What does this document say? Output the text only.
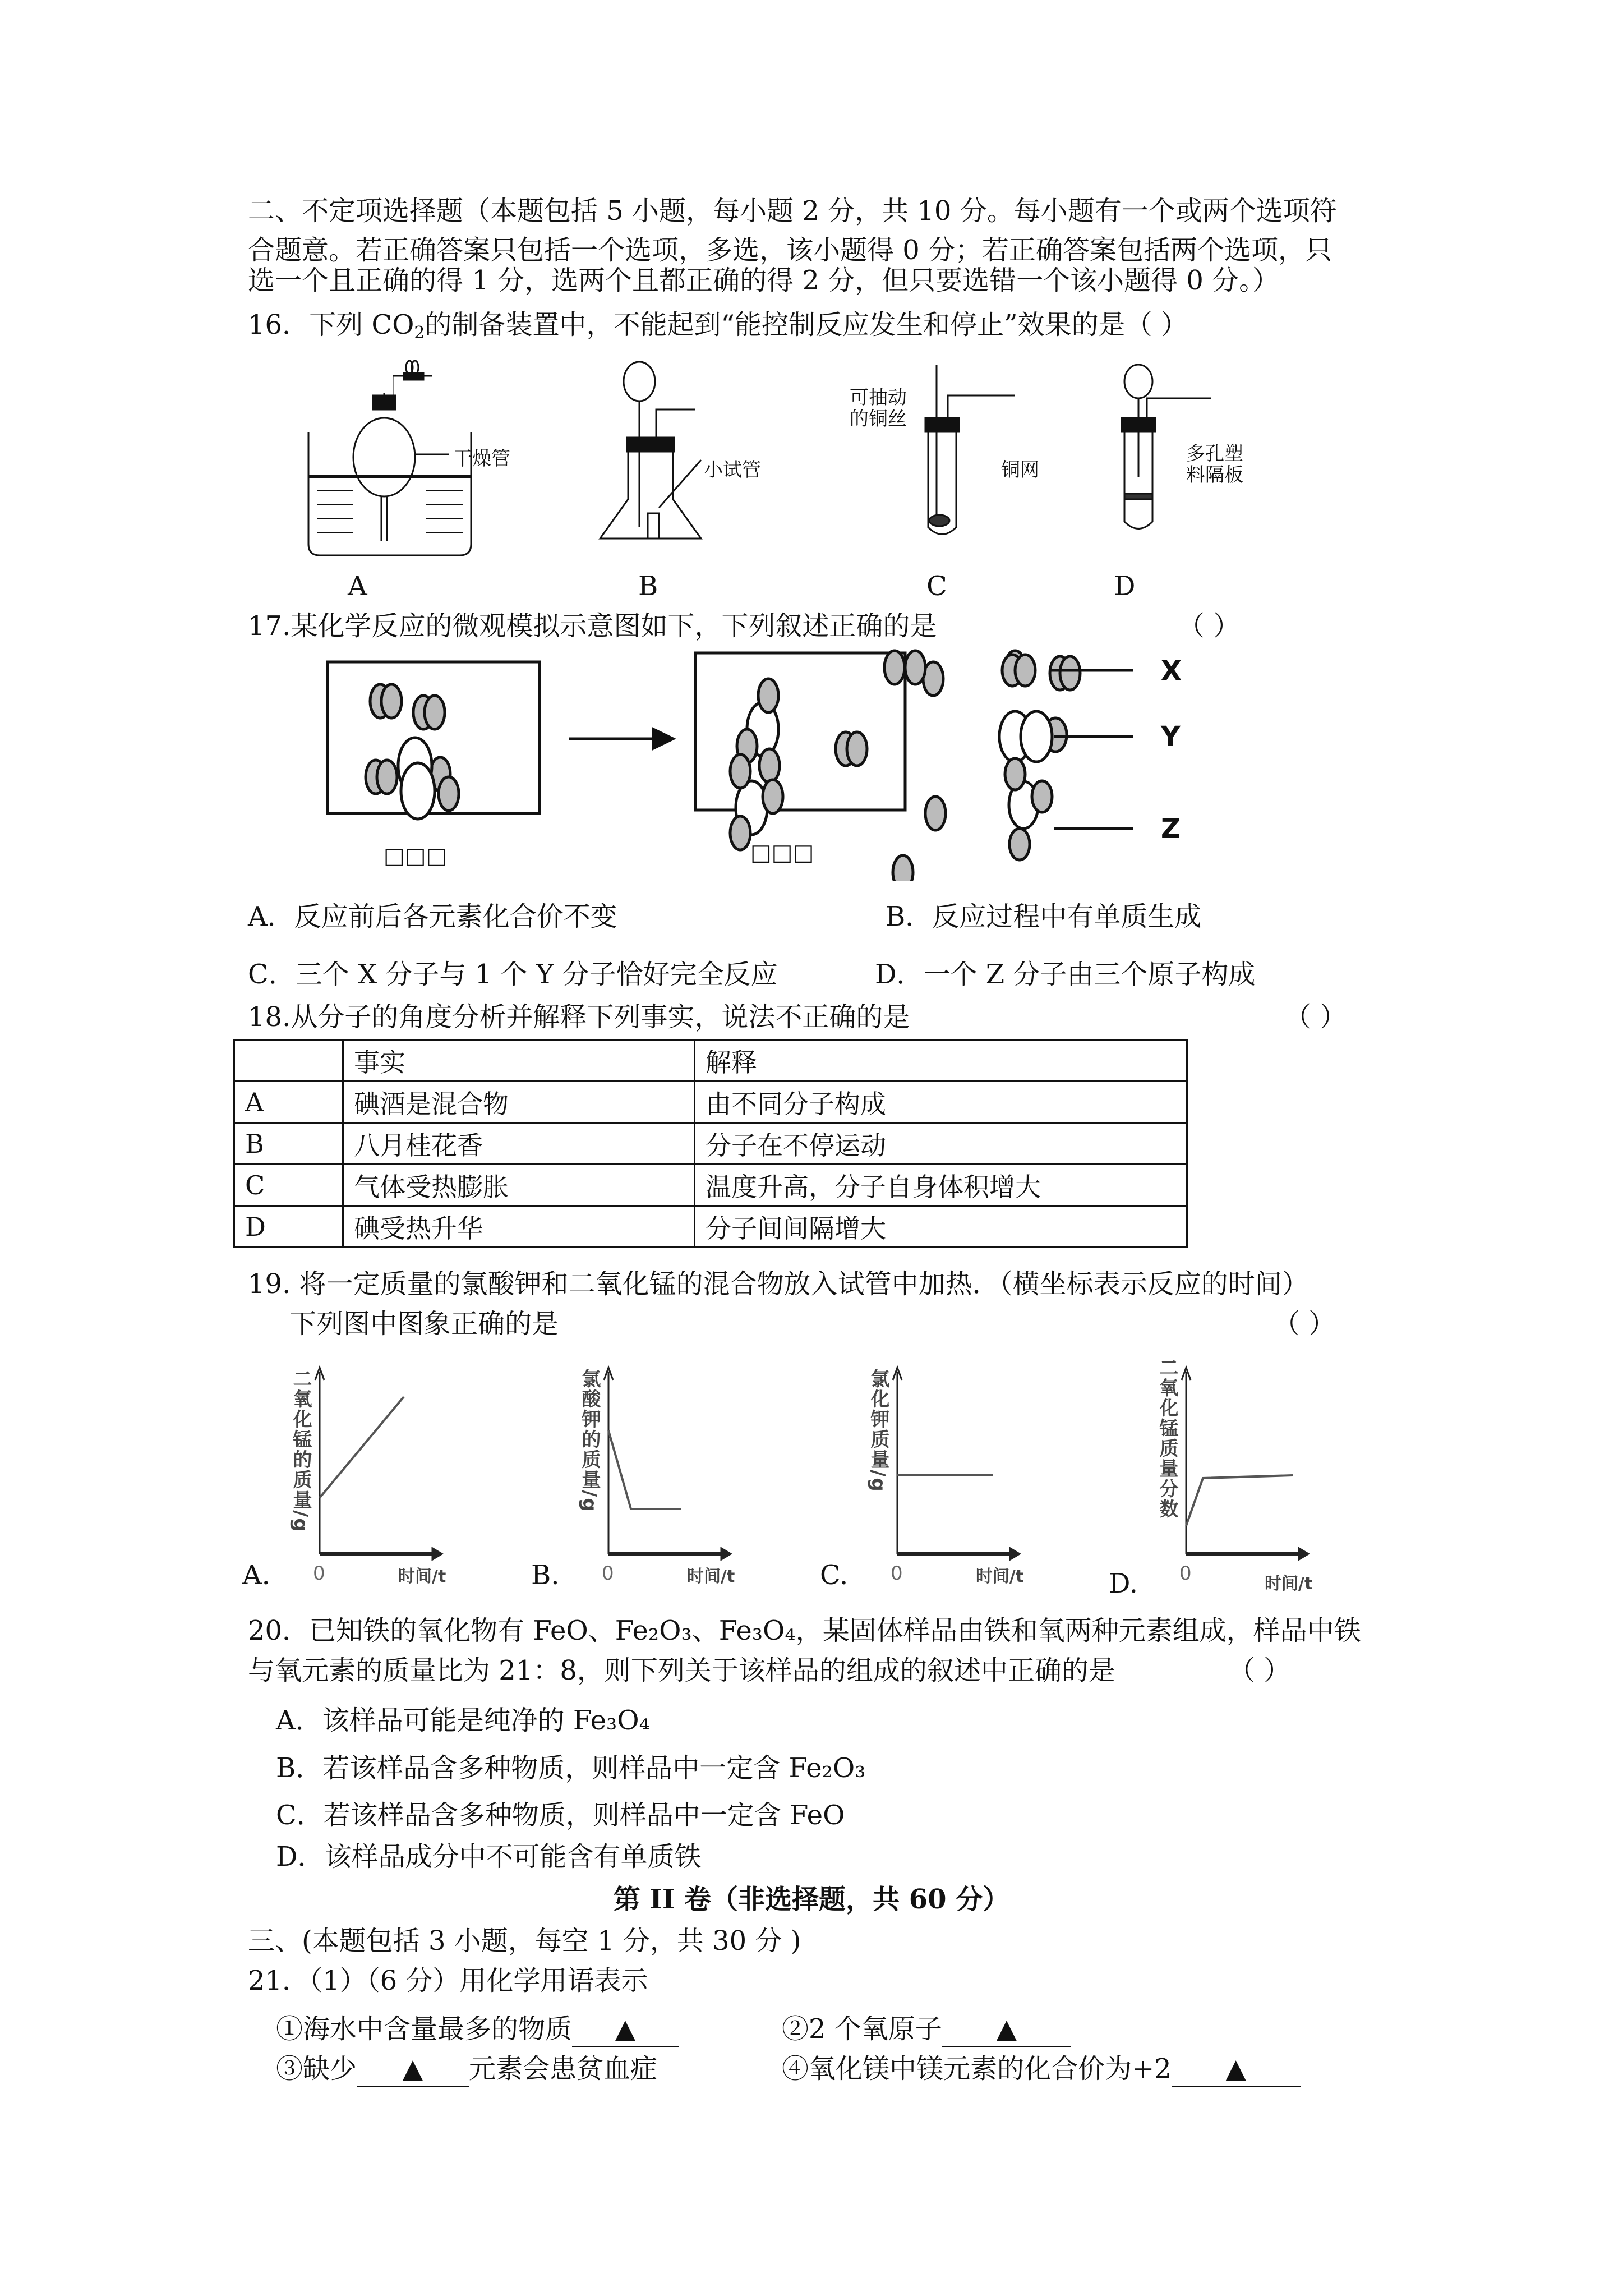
二、不定项选择题（本题包括 5 小题，每小题 2 分，共 10 分。每小题有一个或两个选项符
合题意。若正确答案只包括一个选项，多选，该小题得 0 分；若正确答案包括两个选项，只
选一个且正确的得 1 分，选两个且都正确的得 2 分，但只要选错一个该小题得 0 分。）
16．下列 $CO_2$的制备装置中，不能起到“能控制反应发生和停止”效果的是（ ）
干燥管	小试管
可抽动
的铜丝
铜网
多孔塑
料隔板
A	B	C	D
17.某化学反应的微观模拟示意图如下，下列叙述正确的是	（ ）
X
Y
Z
□□□	□□□
A．反应前后各元素化合价不变	B．反应过程中有单质生成
C．三个 X 分子与 1 个 Y 分子恰好完全反应	D．一个 Z 分子由三个原子构成
18.从分子的角度分析并解释下列事实，说法不正确的是	（ ）
	事实	解释
A	碘酒是混合物	由不同分子构成
B	八月桂花香	分子在不停运动
C	气体受热膨胀	温度升高，分子自身体积增大
D	碘受热升华	分子间间隔增大
19. 将一定质量的氯酸钾和二氧化锰的混合物放入试管中加热．（横坐标表示反应的时间）
下列图中图象正确的是	（ ）
二氧化锰的质量/g
0	时间/t
A.
氯酸钾的质量/g
0	时间/t
B.
氯化钾质量/g
0	时间/t
C.
二氧化锰质量分数
0	时间/t
D.
20．已知铁的氧化物有 FeO、Fe₂O₃、Fe₃O₄，某固体样品由铁和氧两种元素组成，样品中铁
与氧元素的质量比为 21：8，则下列关于该样品的组成的叙述中正确的是	（ ）
A．该样品可能是纯净的 Fe₃O₄
B．若该样品含多种物质，则样品中一定含 Fe₂O₃
C．若该样品含多种物质，则样品中一定含 FeO
D．该样品成分中不可能含有单质铁
第 II 卷（非选择题，共 60 分）
三、(本题包括 3 小题，每空 1 分，共 30 分 )
21．（1）（6 分）用化学用语表示
①海水中含量最多的物质 ▲	②2 个氧原子 ▲
③缺少 ▲ 元素会患贫血症	④氧化镁中镁元素的化合价为+2 ▲
